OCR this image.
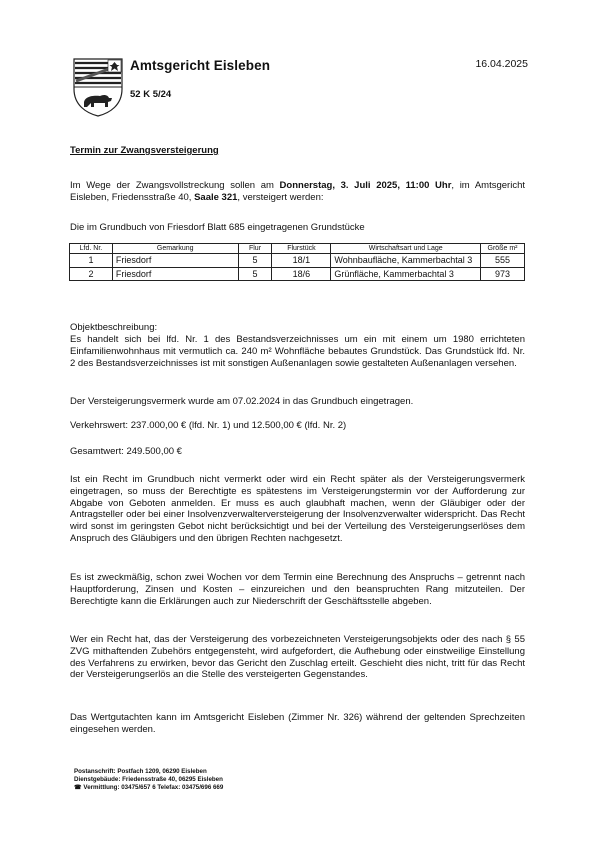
Amtsgericht Eisleben
52 K 5/24
16.04.2025
Termin zur Zwangsversteigerung
Im Wege der Zwangsvollstreckung sollen am Donnerstag, 3. Juli 2025, 11:00 Uhr, im Amtsgericht Eisleben, Friedensstraße 40, Saale 321, versteigert werden:
Die im Grundbuch von Friesdorf Blatt 685 eingetragenen Grundstücke
Lfd. Nr.	Gemarkung	Flur	Flurstück	Wirtschaftsart und Lage	Größe m²
1	Friesdorf	5	18/1	Wohnbaufläche, Kammerbachtal 3	555
2	Friesdorf	5	18/6	Grünfläche, Kammerbachtal 3	973
Objektbeschreibung:
Es handelt sich bei lfd. Nr. 1 des Bestandsverzeichnisses um ein mit einem um 1980 errichteten Einfamilienwohnhaus mit vermutlich ca. 240 m² Wohnfläche bebautes Grundstück. Das Grundstück lfd. Nr. 2 des Bestandsverzeichnisses ist mit sonstigen Außenanlagen sowie gestalteten Außenanlagen versehen.
Der Versteigerungsvermerk wurde am 07.02.2024 in das Grundbuch eingetragen.
Verkehrswert: 237.000,00 € (lfd. Nr. 1) und 12.500,00 € (lfd. Nr. 2)
Gesamtwert: 249.500,00 €
Ist ein Recht im Grundbuch nicht vermerkt oder wird ein Recht später als der Versteigerungsvermerk eingetragen, so muss der Berechtigte es spätestens im Versteigerungstermin vor der Aufforderung zur Abgabe von Geboten anmelden. Er muss es auch glaubhaft machen, wenn der Gläubiger oder der Antragsteller oder bei einer Insolvenzverwalterversteigerung der Insolvenzverwalter widerspricht. Das Recht wird sonst im geringsten Gebot nicht berücksichtigt und bei der Verteilung des Versteigerungserlöses dem Anspruch des Gläubigers und den übrigen Rechten nachgesetzt.
Es ist zweckmäßig, schon zwei Wochen vor dem Termin eine Berechnung des Anspruchs – getrennt nach Hauptforderung, Zinsen und Kosten – einzureichen und den beanspruchten Rang mitzuteilen. Der Berechtigte kann die Erklärungen auch zur Niederschrift der Geschäftsstelle abgeben.
Wer ein Recht hat, das der Versteigerung des vorbezeichneten Versteigerungsobjekts oder des nach § 55 ZVG mithaftenden Zubehörs entgegensteht, wird aufgefordert, die Aufhebung oder einstweilige Einstellung des Verfahrens zu erwirken, bevor das Gericht den Zuschlag erteilt. Geschieht dies nicht, tritt für das Recht der Versteigerungserlös an die Stelle des versteigerten Gegenstandes.
Das Wertgutachten kann im Amtsgericht Eisleben (Zimmer Nr. 326) während der geltenden Sprechzeiten eingesehen werden.
Postanschrift: Postfach 1209, 06290 Eisleben
Dienstgebäude: Friedensstraße 40, 06295 Eisleben
☎ Vermittlung: 03475/657 6 Telefax: 03475/696 669
